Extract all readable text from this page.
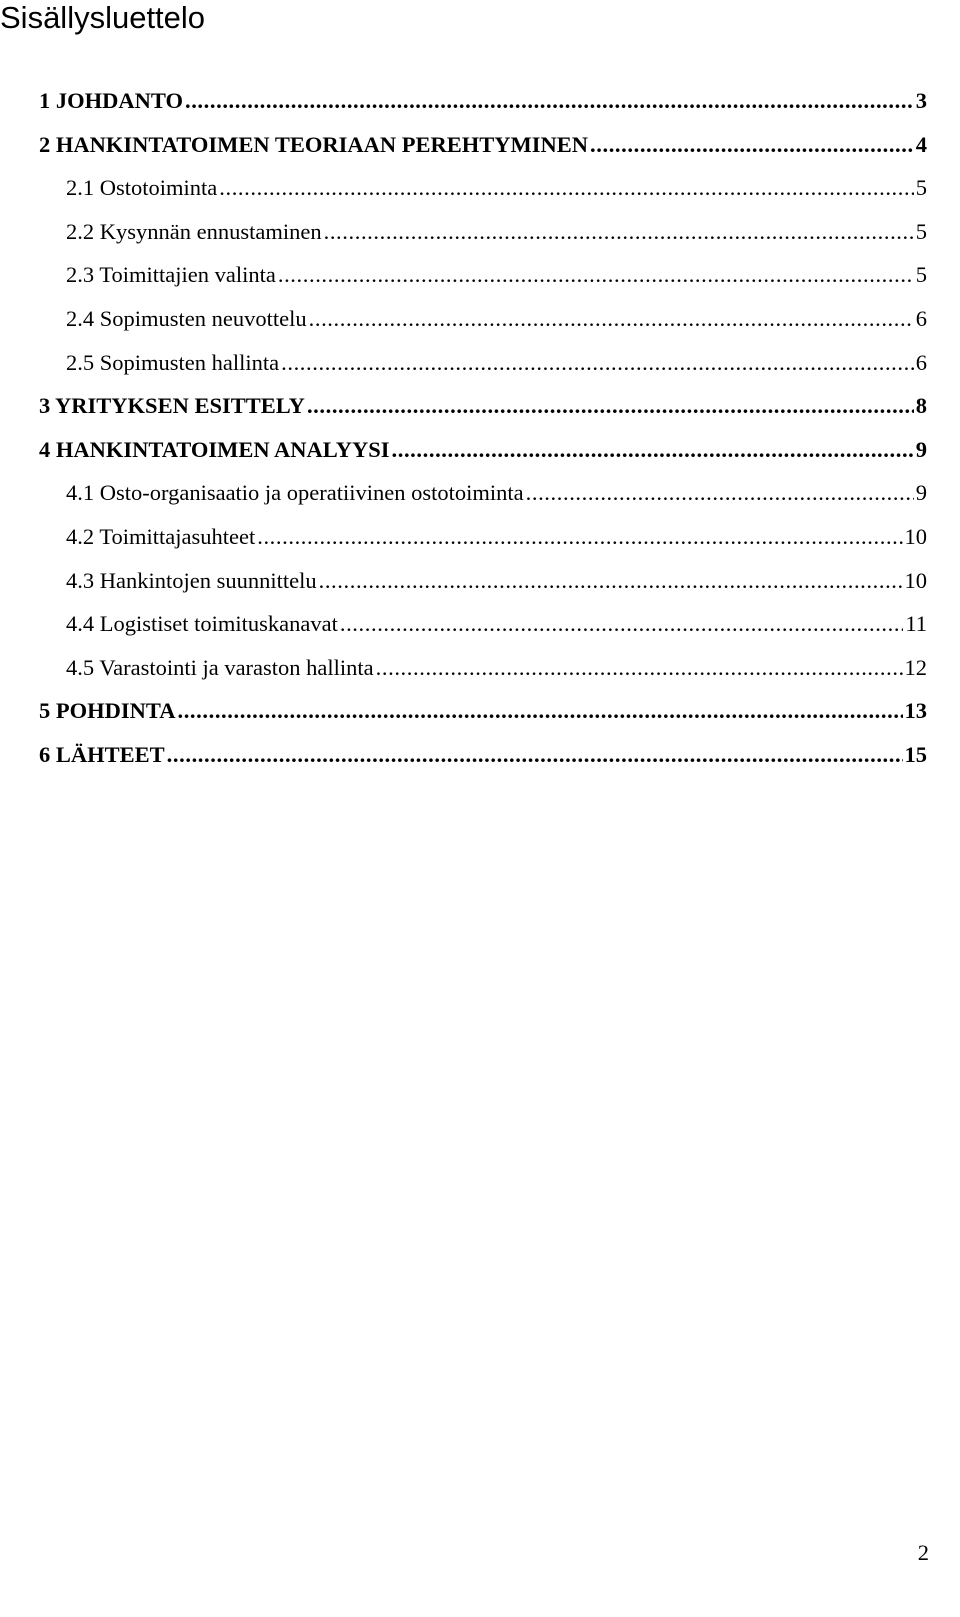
Sisällysluettelo
1 JOHDANTO .....	3
2 HANKINTATOIMEN TEORIAAN PEREHTYMINEN .....	4
2.1 Ostotoiminta .....	5
2.2 Kysynnän ennustaminen .....	5
2.3 Toimittajien valinta .....	5
2.4 Sopimusten neuvottelu .....	6
2.5 Sopimusten hallinta .....	6
3 YRITYKSEN ESITTELY .....	8
4 HANKINTATOIMEN ANALYYSI .....	9
4.1 Osto-organisaatio ja operatiivinen ostotoiminta .....	9
4.2 Toimittajasuhteet .....	10
4.3 Hankintojen suunnittelu .....	10
4.4 Logistiset toimituskanavat .....	11
4.5 Varastointi ja varaston hallinta .....	12
5 POHDINTA .....	13
6 LÄHTEET .....	15
2
